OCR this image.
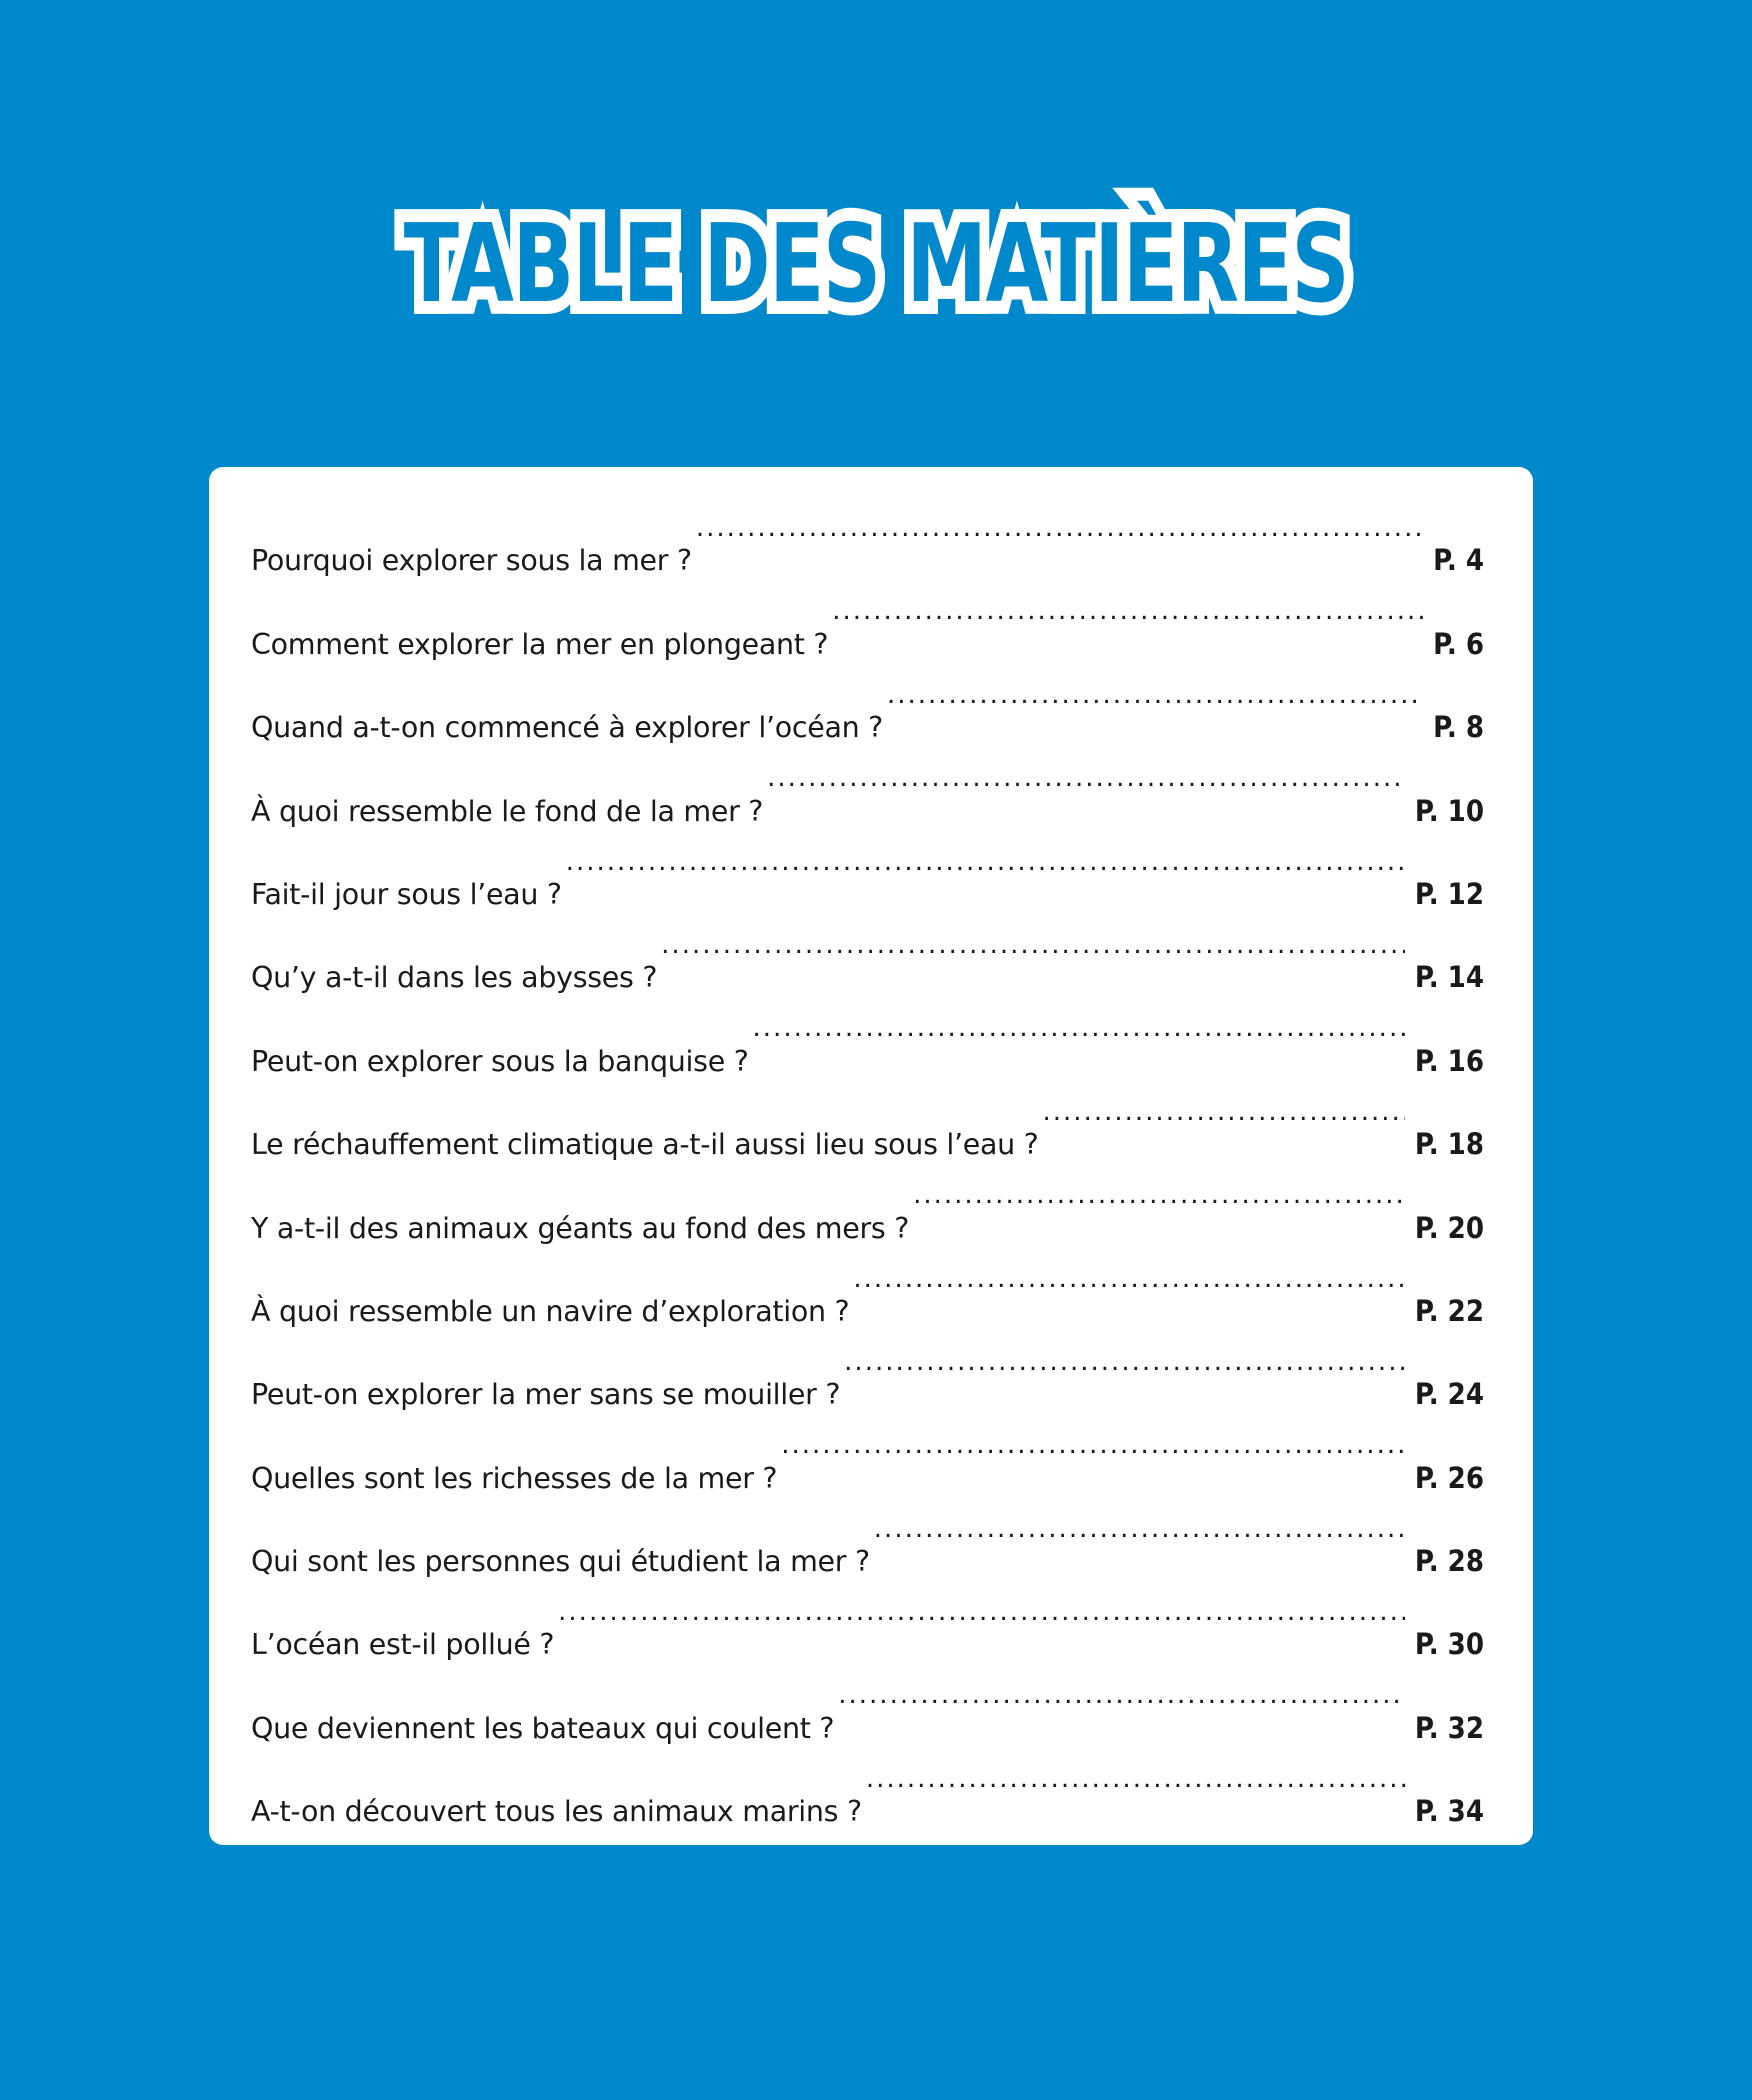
TABLE DES MATIÈRES
Pourquoi explorer sous la mer ? .....	P. 4
Comment explorer la mer en plongeant ? .....	P. 6
Quand a-t-on commencé à explorer l’océan ? .....	P. 8
À quoi ressemble le fond de la mer ? .....	P. 10
Fait-il jour sous l’eau ? .....	P. 12
Qu’y a-t-il dans les abysses ? .....	P. 14
Peut-on explorer sous la banquise ? .....	P. 16
Le réchauffement climatique a-t-il aussi lieu sous l’eau ? .....	P. 18
Y a-t-il des animaux géants au fond des mers ? .....	P. 20
À quoi ressemble un navire d’exploration ? .....	P. 22
Peut-on explorer la mer sans se mouiller ? .....	P. 24
Quelles sont les richesses de la mer ? .....	P. 26
Qui sont les personnes qui étudient la mer ? .....	P. 28
L’océan est-il pollué ? .....	P. 30
Que deviennent les bateaux qui coulent ? .....	P. 32
A-t-on découvert tous les animaux marins ? .....	P. 34
